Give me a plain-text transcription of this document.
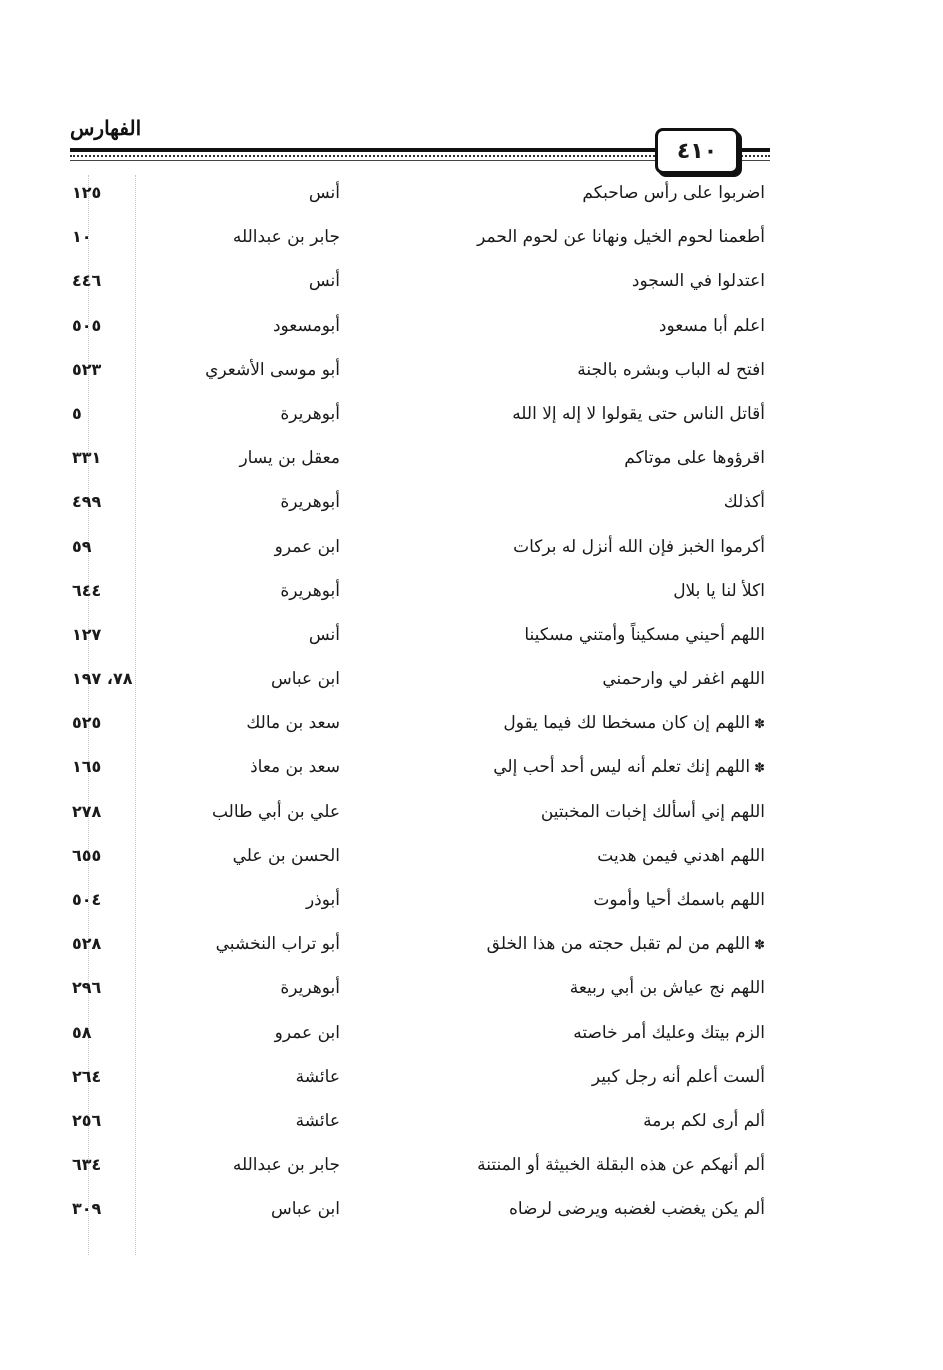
الفهارس
٤١٠
اضربوا على رأس صاحبكم
أنس
١٢٥
أطعمنا لحوم الخيل ونهانا عن لحوم الحمر
جابر بن عبدالله
١٠
اعتدلوا في السجود
أنس
٤٤٦
اعلم أبا مسعود
أبومسعود
٥٠٥
افتح له الباب وبشره بالجنة
أبو موسى الأشعري
٥٢٣
أقاتل الناس حتى يقولوا لا إله إلا الله
أبوهريرة
٥
اقرؤوها على موتاكم
معقل بن يسار
٣٣١
أكذلك
أبوهريرة
٤٩٩
أكرموا الخبز فإن الله أنزل له بركات
ابن عمرو
٥٩
اكلأ لنا يا بلال
أبوهريرة
٦٤٤
اللهم أحيني مسكيناً وأمتني مسكينا
أنس
١٢٧
اللهم اغفر لي وارحمني
ابن عباس
٧٨، ١٩٧
✽اللهم إن كان مسخطا لك فيما يقول
سعد بن مالك
٥٢٥
✽اللهم إنك تعلم أنه ليس أحد أحب إلي
سعد بن معاذ
١٦٥
اللهم إني أسألك إخبات المخبتين
علي بن أبي طالب
٢٧٨
اللهم اهدني فيمن هديت
الحسن بن علي
٦٥٥
اللهم باسمك أحيا وأموت
أبوذر
٥٠٤
✽اللهم من لم تقبل حجته من هذا الخلق
أبو تراب النخشبي
٥٢٨
اللهم نج عياش بن أبي ربيعة
أبوهريرة
٢٩٦
الزم بيتك وعليك أمر خاصته
ابن عمرو
٥٨
ألست أعلم أنه رجل كبير
عائشة
٢٦٤
ألم أرى لكم برمة
عائشة
٢٥٦
ألم أنهكم عن هذه البقلة الخبيثة أو المنتنة
جابر بن عبدالله
٦٣٤
ألم يكن يغضب لغضبه ويرضى لرضاه
ابن عباس
٣٠٩
